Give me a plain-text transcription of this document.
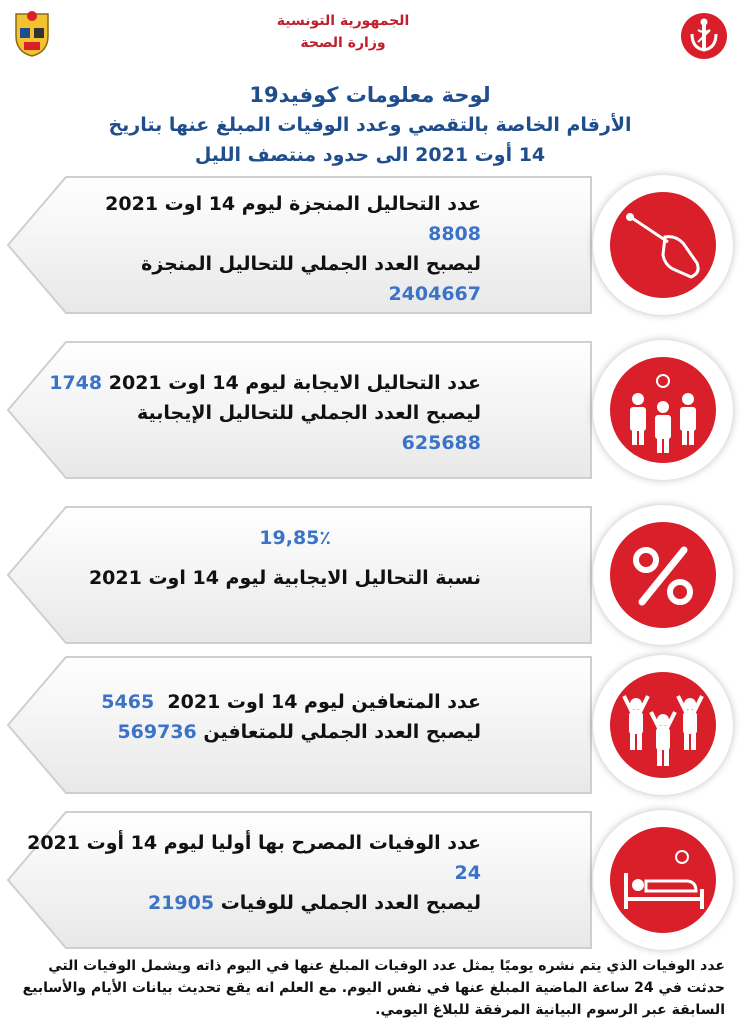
الجمهورية التونسية
وزارة الصحة
لوحة معلومات كوفيد19
الأرقام الخاصة بالتقصي وعدد الوفيات المبلغ عنها بتاريخ
14 أوت 2021 الى حدود منتصف الليل
عدد التحاليل المنجزة ليوم 14 اوت 2021
8808
ليصبح العدد الجملي للتحاليل المنجزة
2404667
عدد التحاليل الايجابة ليوم 14 اوت 2021 1748
ليصبح العدد الجملي للتحاليل الإيجابية
625688
19,85٪
نسبة التحاليل الايجابية ليوم 14 اوت 2021
عدد المتعافين ليوم 14 اوت 2021  5465
ليصبح العدد الجملي للمتعافين 569736
عدد الوفيات المصرح بها أوليا ليوم 14 أوت 2021
24
ليصبح العدد الجملي للوفيات 21905
عدد الوفيات الذي يتم نشره يوميًا يمثل عدد الوفيات المبلغ عنها في اليوم ذاته ويشمل الوفيات التي حدثت في 24 ساعة الماضية المبلغ عنها في نفس اليوم. مع العلم انه يقع تحديث بيانات الأيام والأسابيع السابقة عبر الرسوم البيانية المرفقة للبلاغ اليومي.
